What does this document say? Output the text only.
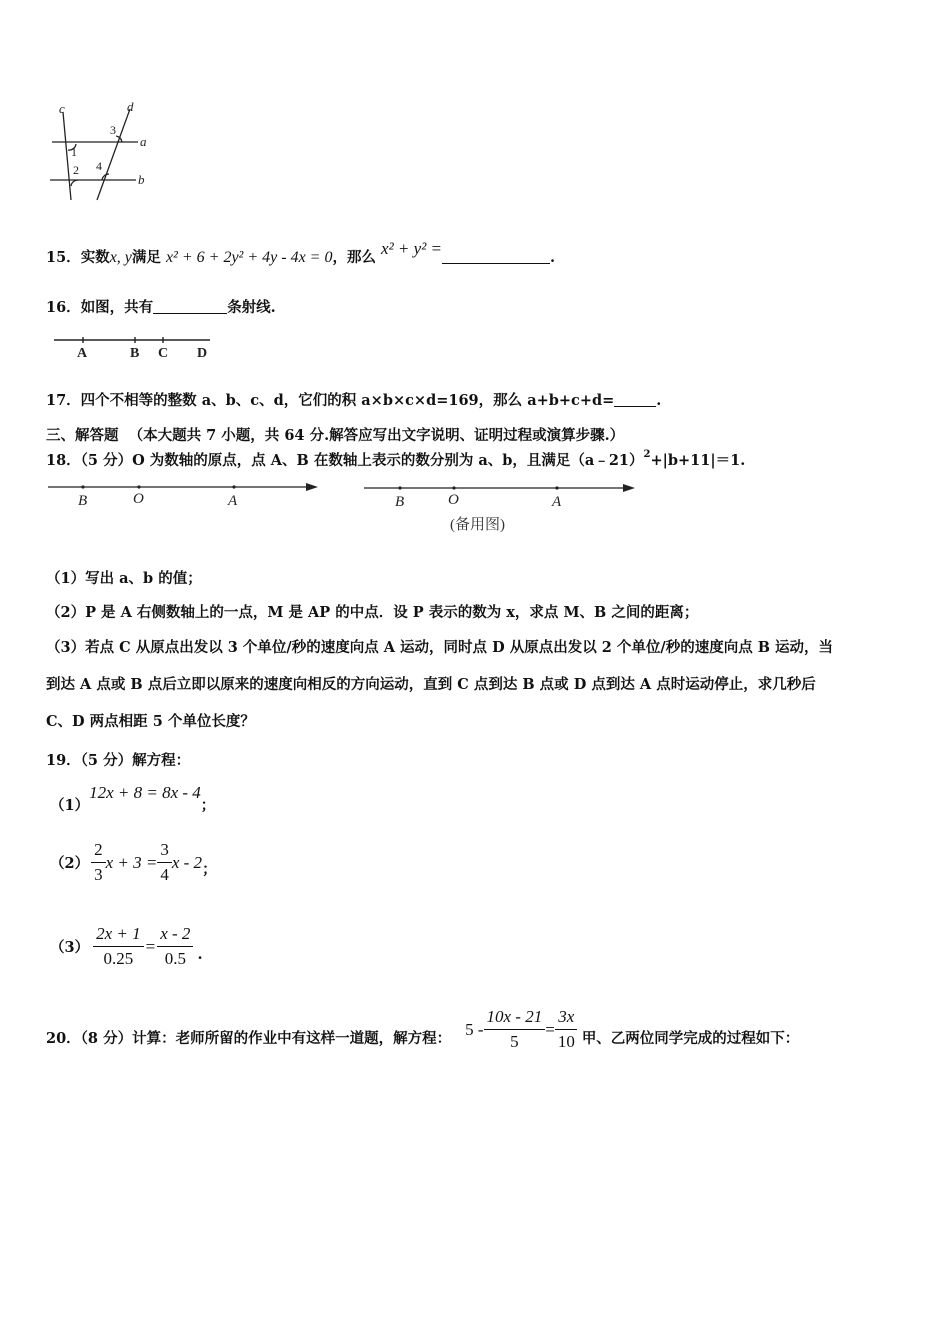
c	d
a
b
1
2
3
4
15．实数x, y满足 x² + 6 + 2y² + 4y - 4x = 0，那么 x² + y² =	.
16．如图，共有	条射线.
A	B C D
17．四个不相等的整数 a、b、c、d，它们的积 a×b×c×d=169，那么 a+b+c+d=	.
三、解答题 （本大题共 7 小题，共 64 分.解答应写出文字说明、证明过程或演算步骤.）
18．（5 分）O 为数轴的原点，点 A、B 在数轴上表示的数分别为 a、b，且满足（a﹣21）$^2$+|b+11|＝1.
B	O	A	B	O	A
(备用图)
（1）写出 a、b 的值；
（2）P 是 A 右侧数轴上的一点，M 是 AP 的中点．设 P 表示的数为 x，求点 M、B 之间的距离；
（3）若点 C 从原点出发以 3 个单位/秒的速度向点 A 运动，同时点 D 从原点出发以 2 个单位/秒的速度向点 B 运动，当
到达 A 点或 B 点后立即以原来的速度向相反的方向运动，直到 C 点到达 B 点或 D 点到达 A 点时运动停止，求几秒后
C、D 两点相距 5 个单位长度？
19．（5 分）解方程：
（1）12x + 8 = 8x - 4；
$(2) \frac{2}{3}$ $x + 3 = \frac{3}{4}$ x - 2 ；
$(3) \frac{2x + 1}{0.25} = \frac{x - 2}{0.5}$ .
20．（8 分）计算：老师所留的作业中有这样一道题，解方程： $5 - \frac{10x - 21}{5} = \frac{3x}{10}$ 甲、乙两位同学完成的过程如下：
